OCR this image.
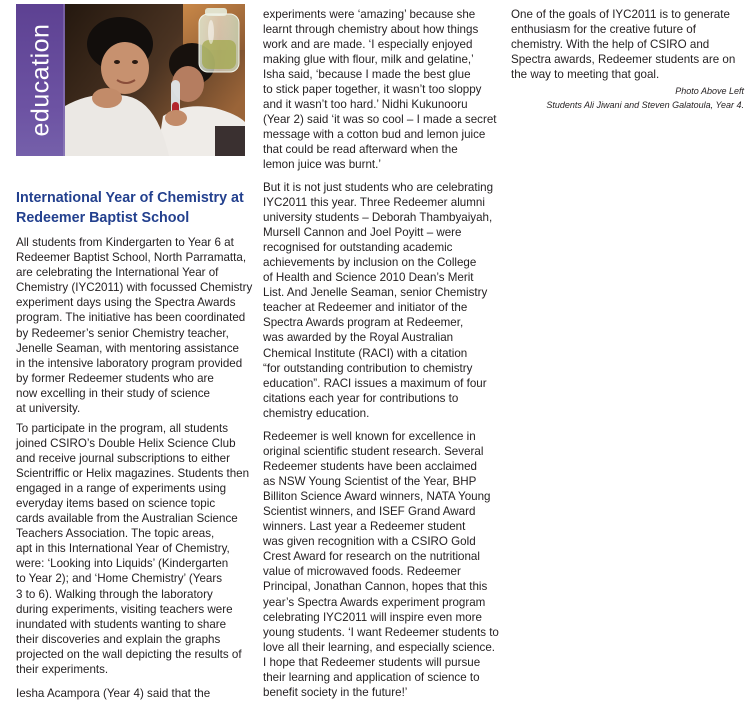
education
International Year of Chemistry at
Redeemer Baptist School
All students from Kindergarten to Year 6 at
Redeemer Baptist School, North Parramatta,
are celebrating the International Year of
Chemistry (IYC2011) with focussed Chemistry
experiment days using the Spectra Awards
program. The initiative has been coordinated
by Redeemer’s senior Chemistry teacher,
Jenelle Seaman, with mentoring assistance
in the intensive laboratory program provided
by former Redeemer students who are
now excelling in their study of science
at university.
To participate in the program, all students
joined CSIRO’s Double Helix Science Club
and receive journal subscriptions to either
Scientriffic or Helix magazines. Students then
engaged in a range of experiments using
everyday items based on science topic
cards available from the Australian Science
Teachers Association. The topic areas,
apt in this International Year of Chemistry,
were: ‘Looking into Liquids’ (Kindergarten
to Year 2); and ‘Home Chemistry’ (Years
3 to 6). Walking through the laboratory
during experiments, visiting teachers were
inundated with students wanting to share
their discoveries and explain the graphs
projected on the wall depicting the results of
their experiments.
Iesha Acampora (Year 4) said that the
experiments were ‘amazing’ because she
learnt through chemistry about how things
work and are made. ‘I especially enjoyed
making glue with flour, milk and gelatine,’
Isha said, ‘because I made the best glue
to stick paper together, it wasn’t too sloppy
and it wasn’t too hard.’ Nidhi Kukunooru
(Year 2) said ‘it was so cool – I made a secret
message with a cotton bud and lemon juice
that could be read afterward when the
lemon juice was burnt.’
But it is not just students who are celebrating
IYC2011 this year. Three Redeemer alumni
university students – Deborah Thambyaiyah,
Mursell Cannon and Joel Poyitt – were
recognised for outstanding academic
achievements by inclusion on the College
of Health and Science 2010 Dean’s Merit
List. And Jenelle Seaman, senior Chemistry
teacher at Redeemer and initiator of the
Spectra Awards program at Redeemer,
was awarded by the Royal Australian
Chemical Institute (RACI) with a citation
“for outstanding contribution to chemistry
education”. RACI issues a maximum of four
citations each year for contributions to
chemistry education.
Redeemer is well known for excellence in
original scientific student research. Several
Redeemer students have been acclaimed
as NSW Young Scientist of the Year, BHP
Billiton Science Award winners, NATA Young
Scientist winners, and ISEF Grand Award
winners. Last year a Redeemer student
was given recognition with a CSIRO Gold
Crest Award for research on the nutritional
value of microwaved foods. Redeemer
Principal, Jonathan Cannon, hopes that this
year’s Spectra Awards experiment program
celebrating IYC2011 will inspire even more
young students. ‘I want Redeemer students to
love all their learning, and especially science.
I hope that Redeemer students will pursue
their learning and application of science to
benefit society in the future!’
One of the goals of IYC2011 is to generate
enthusiasm for the creative future of
chemistry. With the help of CSIRO and
Spectra awards, Redeemer students are on
the way to meeting that goal.
Photo Above Left
Students Ali Jiwani and Steven Galatoula, Year 4.
